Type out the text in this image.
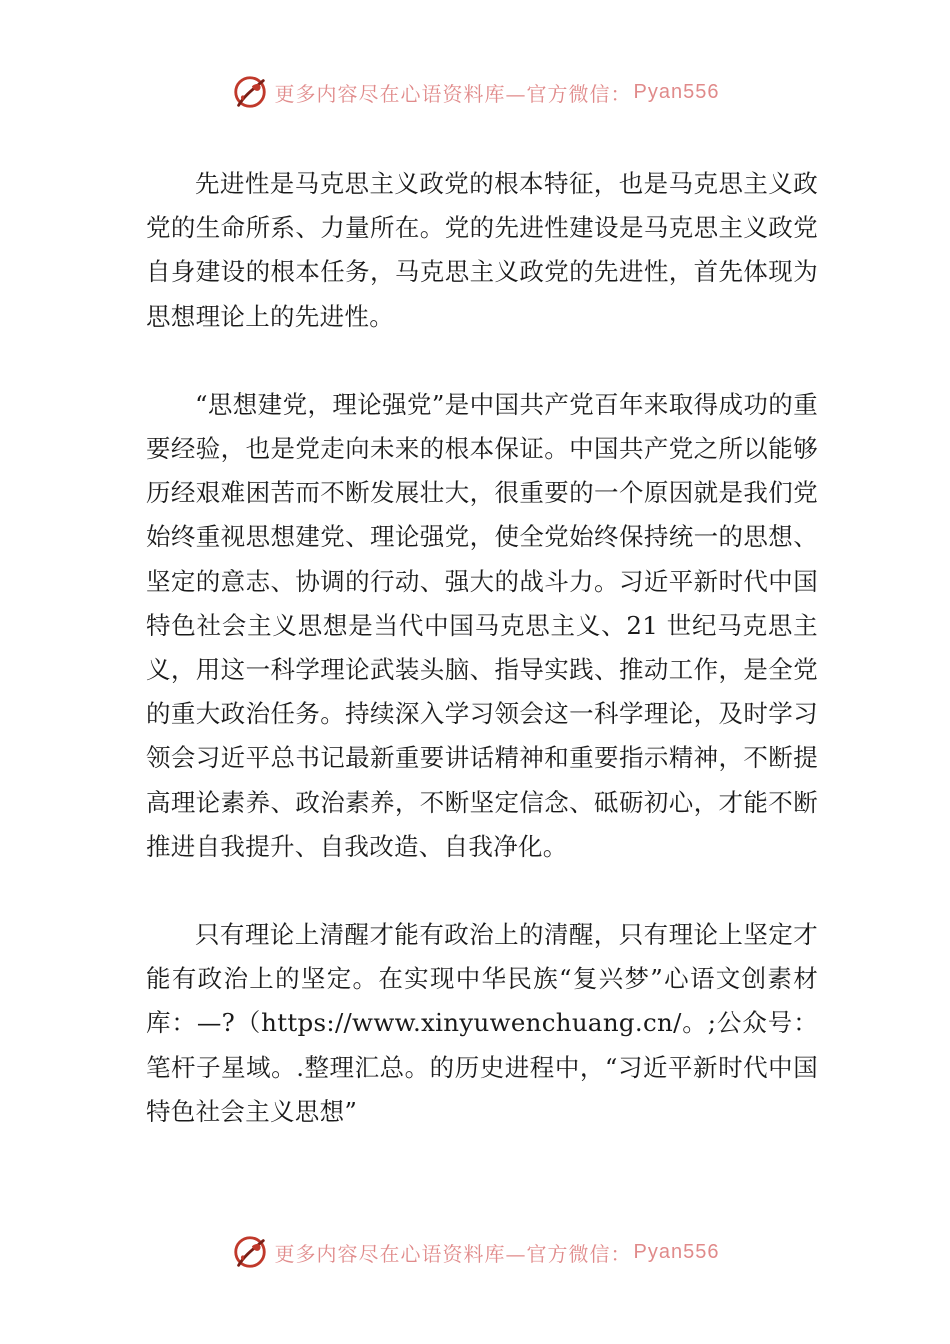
更多内容尽在心语资料库—官方微信： Pyan556

先进性是马克思主义政党的根本特征，也是马克思主义政党的生命所系、力量所在。党的先进性建设是马克思主义政党自身建设的根本任务，马克思主义政党的先进性，首先体现为思想理论上的先进性。

“思想建党，理论强党”是中国共产党百年来取得成功的重要经验，也是党走向未来的根本保证。中国共产党之所以能够历经艰难困苦而不断发展壮大，很重要的一个原因就是我们党始终重视思想建党、理论强党，使全党始终保持统一的思想、坚定的意志、协调的行动、强大的战斗力。习近平新时代中国特色社会主义思想是当代中国马克思主义、21 世纪马克思主义，用这一科学理论武装头脑、指导实践、推动工作，是全党的重大政治任务。持续深入学习领会这一科学理论，及时学习领会习近平总书记最新重要讲话精神和重要指示精神，不断提高理论素养、政治素养，不断坚定信念、砥砺初心，才能不断推进自我提升、自我改造、自我净化。

只有理论上清醒才能有政治上的清醒，只有理论上坚定才能有政治上的坚定。在实现中华民族“复兴梦”心语文创素材库：—?（https://www.xinyuwenchuang.cn/。;公众号：笔杆子星域。.整理汇总。的历史进程中，“习近平新时代中国特色社会主义思想”

更多内容尽在心语资料库—官方微信： Pyan556
